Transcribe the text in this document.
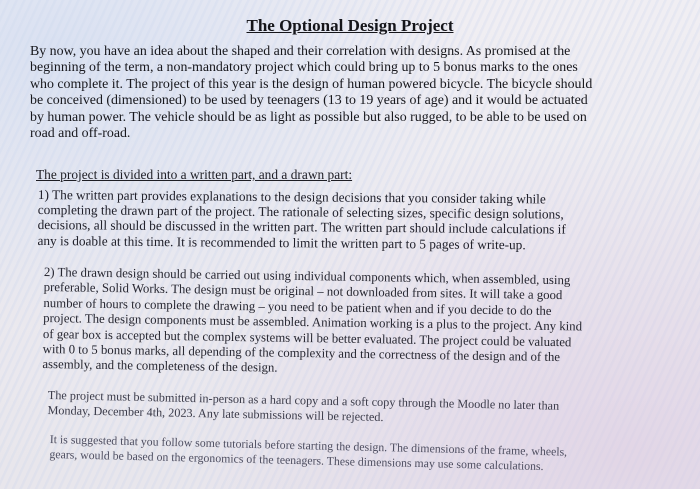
The Optional Design Project

By now, you have an idea about the shaped and their correlation with designs. As promised at the beginning of the term, a non-mandatory project which could bring up to 5 bonus marks to the ones who complete it. The project of this year is the design of human powered bicycle. The bicycle should be conceived (dimensioned) to be used by teenagers (13 to 19 years of age) and it would be actuated by human power. The vehicle should be as light as possible but also rugged, to be able to be used on road and off-road.

The project is divided into a written part, and a drawn part:

1) The written part provides explanations to the design decisions that you consider taking while completing the drawn part of the project. The rationale of selecting sizes, specific design solutions, decisions, all should be discussed in the written part. The written part should include calculations if any is doable at this time. It is recommended to limit the written part to 5 pages of write-up.

2) The drawn design should be carried out using individual components which, when assembled, using preferable, Solid Works. The design must be original – not downloaded from sites. It will take a good number of hours to complete the drawing – you need to be patient when and if you decide to do the project. The design components must be assembled. Animation working is a plus to the project. Any kind of gear box is accepted but the complex systems will be better evaluated. The project could be valuated with 0 to 5 bonus marks, all depending of the complexity and the correctness of the design and of the assembly, and the completeness of the design.

The project must be submitted in-person as a hard copy and a soft copy through the Moodle no later than Monday, December 4th, 2023. Any late submissions will be rejected.

It is suggested that you follow some tutorials before starting the design. The dimensions of the frame, wheels, gears, would be based on the ergonomics of the teenagers. These dimensions may use some calculations.
